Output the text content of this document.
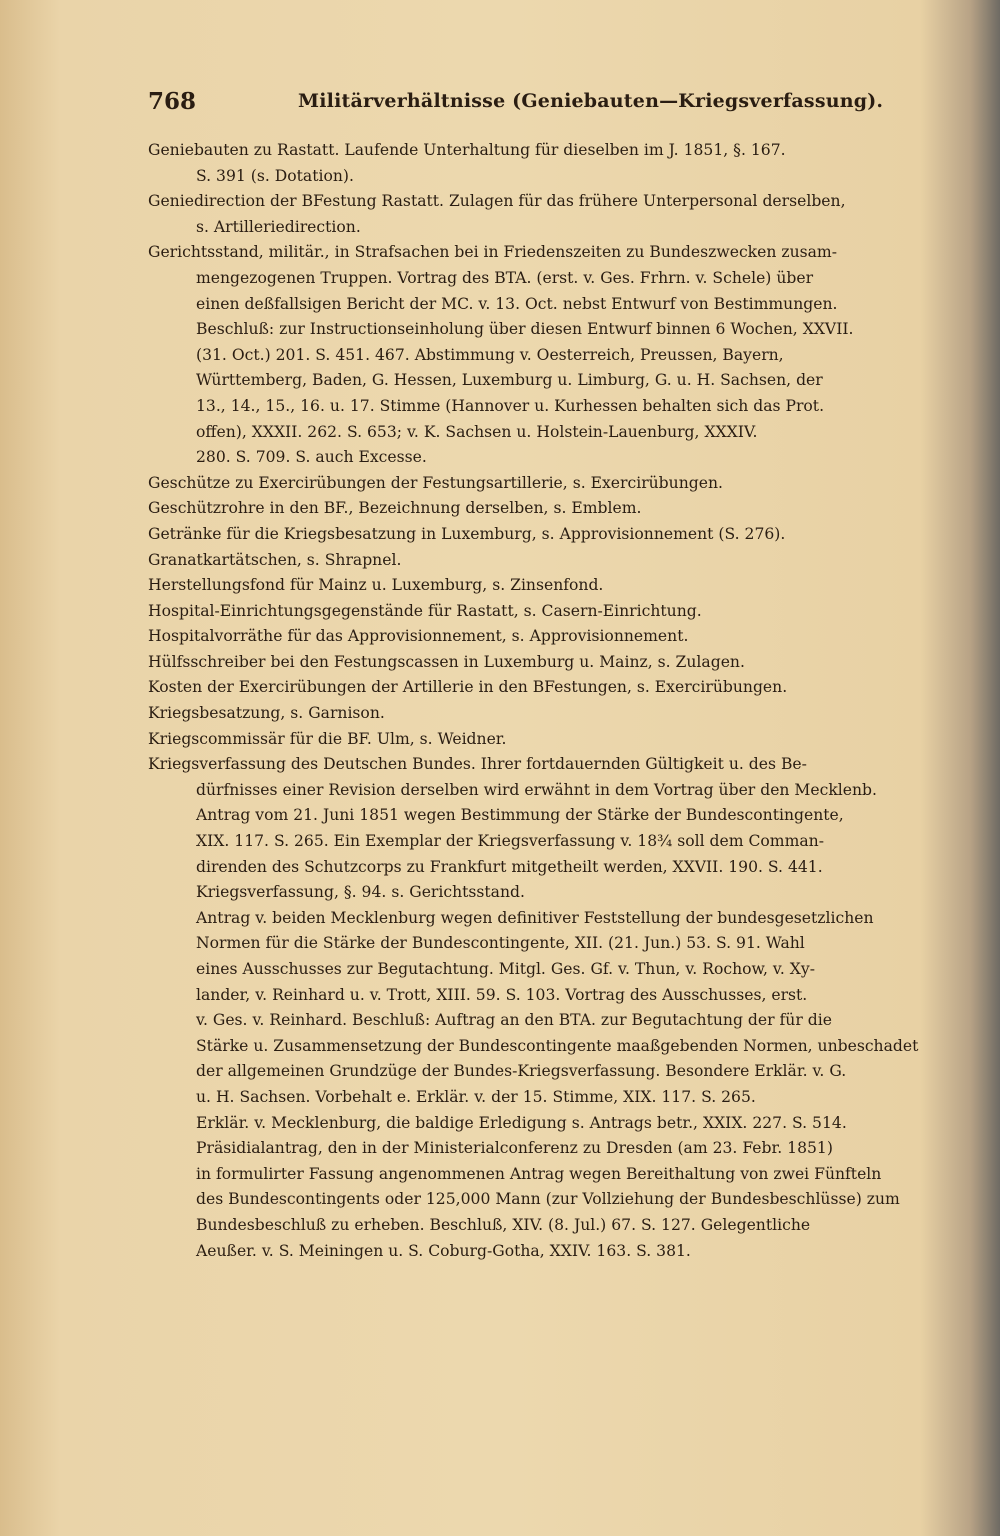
768	Militärverhältnisse (Geniebauten—Kriegsverfassung).
Geniebauten zu Rastatt. Laufende Unterhaltung für dieselben im J. 1851, §. 167.
S. 391 (s. Dotation).
Geniedirection der BFestung Rastatt. Zulagen für das frühere Unterpersonal derselben,
s. Artilleriedirection.
Gerichtsstand, militär., in Strafsachen bei in Friedenszeiten zu Bundeszwecken zusam-
mengezogenen Truppen. Vortrag des BTA. (erst. v. Ges. Frhrn. v. Schele) über
einen deßfallsigen Bericht der MC. v. 13. Oct. nebst Entwurf von Bestimmungen.
Beschluß: zur Instructionseinholung über diesen Entwurf binnen 6 Wochen, XXVII.
(31. Oct.) 201. S. 451. 467. Abstimmung v. Oesterreich, Preussen, Bayern,
Württemberg, Baden, G. Hessen, Luxemburg u. Limburg, G. u. H. Sachsen, der
13., 14., 15., 16. u. 17. Stimme (Hannover u. Kurhessen behalten sich das Prot.
offen), XXXII. 262. S. 653; v. K. Sachsen u. Holstein-Lauenburg, XXXIV.
280. S. 709. S. auch Excesse.
Geschütze zu Exercirübungen der Festungsartillerie, s. Exercirübungen.
Geschützrohre in den BF., Bezeichnung derselben, s. Emblem.
Getränke für die Kriegsbesatzung in Luxemburg, s. Approvisionnement (S. 276).
Granatkartätschen, s. Shrapnel.
Herstellungsfond für Mainz u. Luxemburg, s. Zinsenfond.
Hospital-Einrichtungsgegenstände für Rastatt, s. Casern-Einrichtung.
Hospitalvorräthe für das Approvisionnement, s. Approvisionnement.
Hülfsschreiber bei den Festungscassen in Luxemburg u. Mainz, s. Zulagen.
Kosten der Exercirübungen der Artillerie in den BFestungen, s. Exercirübungen.
Kriegsbesatzung, s. Garnison.
Kriegscommissär für die BF. Ulm, s. Weidner.
Kriegsverfassung des Deutschen Bundes. Ihrer fortdauernden Gültigkeit u. des Be-
dürfnisses einer Revision derselben wird erwähnt in dem Vortrag über den Mecklenb.
Antrag vom 21. Juni 1851 wegen Bestimmung der Stärke der Bundescontingente,
XIX. 117. S. 265. Ein Exemplar der Kriegsverfassung v. 18¾ soll dem Comman-
direnden des Schutzcorps zu Frankfurt mitgetheilt werden, XXVII. 190. S. 441.
Kriegsverfassung, §. 94. s. Gerichtsstand.
Antrag v. beiden Mecklenburg wegen definitiver Feststellung der bundesgesetzlichen
Normen für die Stärke der Bundescontingente, XII. (21. Jun.) 53. S. 91. Wahl
eines Ausschusses zur Begutachtung. Mitgl. Ges. Gf. v. Thun, v. Rochow, v. Xy-
lander, v. Reinhard u. v. Trott, XIII. 59. S. 103. Vortrag des Ausschusses, erst.
v. Ges. v. Reinhard. Beschluß: Auftrag an den BTA. zur Begutachtung der für die
Stärke u. Zusammensetzung der Bundescontingente maaßgebenden Normen, unbeschadet
der allgemeinen Grundzüge der Bundes-Kriegsverfassung. Besondere Erklär. v. G.
u. H. Sachsen. Vorbehalt e. Erklär. v. der 15. Stimme, XIX. 117. S. 265.
Erklär. v. Mecklenburg, die baldige Erledigung s. Antrags betr., XXIX. 227. S. 514.
Präsidialantrag, den in der Ministerialconferenz zu Dresden (am 23. Febr. 1851)
in formulirter Fassung angenommenen Antrag wegen Bereithaltung von zwei Fünfteln
des Bundescontingents oder 125,000 Mann (zur Vollziehung der Bundesbeschlüsse) zum
Bundesbeschluß zu erheben. Beschluß, XIV. (8. Jul.) 67. S. 127. Gelegentliche
Aeußer. v. S. Meiningen u. S. Coburg-Gotha, XXIV. 163. S. 381.
